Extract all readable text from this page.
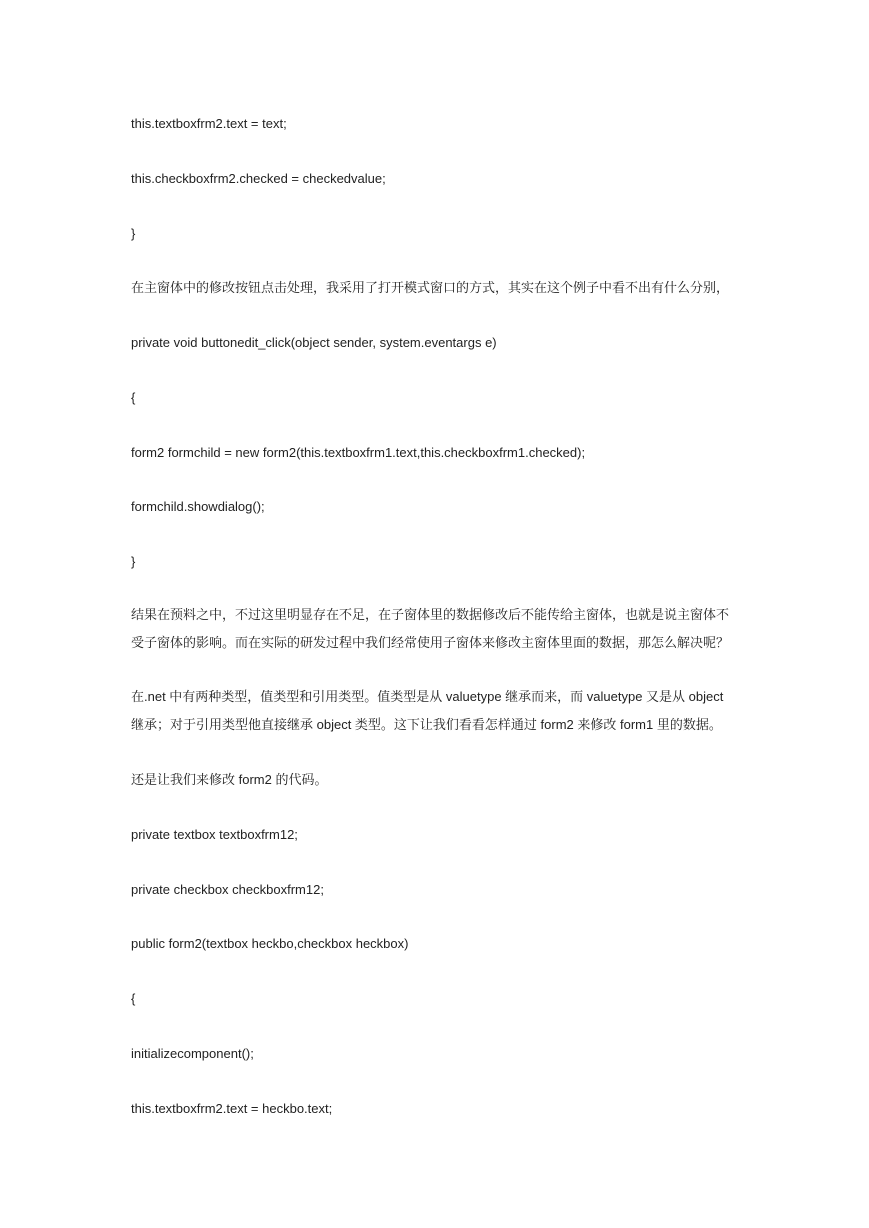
this.textboxfrm2.text = text;
this.checkboxfrm2.checked = checkedvalue;
}
在主窗体中的修改按钮点击处理，我采用了打开模式窗口的方式，其实在这个例子中看不出有什么分别，
private void buttonedit_click(object sender, system.eventargs e)
{
form2 formchild = new form2(this.textboxfrm1.text,this.checkboxfrm1.checked);
formchild.showdialog();
}
结果在预料之中，不过这里明显存在不足，在子窗体里的数据修改后不能传给主窗体，也就是说主窗体不
受子窗体的影响。而在实际的研发过程中我们经常使用子窗体来修改主窗体里面的数据，那怎么解决呢？
在.net 中有两种类型，值类型和引用类型。值类型是从 valuetype 继承而来，而 valuetype 又是从 object
继承；对于引用类型他直接继承 object 类型。这下让我们看看怎样通过 form2 来修改 form1 里的数据。
还是让我们来修改 form2 的代码。
private textbox textboxfrm12;
private checkbox checkboxfrm12;
public form2(textbox heckbo,checkbox heckbox)
{
initializecomponent();
this.textboxfrm2.text = heckbo.text;
